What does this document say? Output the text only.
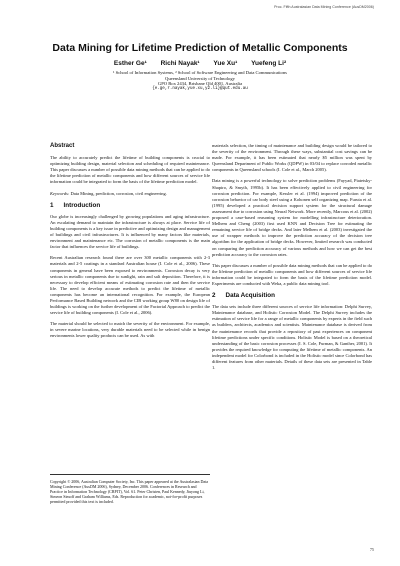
Proc. Fifth Australasian Data Mining Conference (AusDM2006)
Data Mining for Lifetime Prediction of Metallic Components
Esther Ge¹ Richi Nayak¹ Yue Xu¹ Yuefeng Li²
¹ School of Information Systems, ² School of Software Engineering and Data Communications
Queensland University of Technology
GPO Box 2434, Brisbane Qld 4001, Australia
{e.ge,r.nayak,yue.xu,y2.li}@qut.edu.au
Abstract

The ability to accurately predict the lifetime of building components is crucial to optimizing building design, material selection and scheduling of required maintenance. This paper discusses a number of possible data mining methods that can be applied to do the lifetime prediction of metallic components and how different sources of service life information could be integrated to form the basis of the lifetime prediction model.

Keywords: Data Mining, prediction, corrosion, civil engineering.

1 Introduction

Our globe is increasingly challenged by growing populations and aging infrastructure. An escalating demand to maintain the infrastructure is always at place. Service life of building components is a key issue in predictive and optimizing design and management of buildings and civil infrastructures. It is influenced by many factors like materials, environment and maintenance etc. The corrosion of metallic components is the main factor that influences the service life of buildings.

Recent Australian research found there are over 300 metallic components with 2-3 materials and 2-5 coatings in a standard Australian house (I. Cole et al., 2006). These components in general have been exposed to environments. Corrosion decay is very serious in metallic components due to sunlight, rain and salt deposition. Therefore, it is necessary to develop efficient means of estimating corrosion rate and then the service life. The need to develop accurate methods to predict the lifetime of metallic components has become an international recognition. For example, the European Performance Based Building network and the CIB working group W80 on design life of buildings is working on the further development of the Factorial Approach to predict the service life of building components (I. Cole et al., 2006).

The material should be selected to match the severity of the environment. For example, in severe marine locations, very durable materials need to be selected while in benign environments lower quality products can be used. As with

Copyright © 2006, Australian Computer Society, Inc. This paper appeared at the Australasian Data Mining Conference (AusDM 2006), Sydney, December 2006. Conferences in Research and Practice in Information Technology (CRPIT), Vol. 61. Peter Christen, Paul Kennedy, Jiuyong Li, Simeon Simoff and Graham Williams, Eds. Reproduction for academic, not-for-profit purposes permitted provided this text is included.

materials selection, the timing of maintenance and building design would be tailored to the severity of the environment. Through these ways, substantial cost savings can be made. For example, it has been estimated that nearly $5 million was spent by Queensland Department of Public Works (QDPW) in 03/04 to replace corroded metallic components in Queensland schools (I. Cole et al., March 2005).

Data mining is a powerful technology to solve prediction problems (Fayyad, Piatetsky-Shapiro, & Smyth, 1995b). It has been effectively applied to civil engineering for corrosion prediction. For example, Kessler et al. (1994) improved prediction of the corrosion behavior of car body steel using a Kohonen self organizing map. Furuta et al. (1995) developed a practical decision support system for the structural damage assessment due to corrosion using Neural Network. More recently, Marcous et al. (2002) proposed a case-based reasoning system for modelling infrastructure deterioration. Melhem and Cheng (2003) first used KNN and Decision Tree for estimating the remaining service life of bridge decks. And later Melhem et al. (2003) investigated the use of wrapper methods to improve the prediction accuracy of the decision tree algorithm for the application of bridge decks. However, limited research was conducted on comparing the prediction accuracy of various methods and how we can get the best prediction accuracy to the corrosion rates.

This paper discusses a number of possible data mining methods that can be applied to do the lifetime prediction of metallic components and how different sources of service life information could be integrated to form the basis of the lifetime prediction model. Experiments are conducted with Weka, a public data mining tool.

2 Data Acquisition

The data sets include three different sources of service life information: Delphi Survey, Maintenance database, and Holistic Corrosion Model. The Delphi Survey includes the estimation of service life for a range of metallic components by experts in the field such as builders, architects, academics and scientists. Maintenance database is derived from the maintenance records that provide a repository of past experiences on component lifetime predictions under specific conditions. Holistic Model is based on a theoretical understanding of the basic corrosion processes (I. S. Cole, Furman, & Ganther, 2001). It provides the required knowledge for computing the lifetime of metallic components. An independent model for Colorbond is included in the Holistic model since Colorbond has different features from other materials. Details of these data sets are presented in Table 1.

75
